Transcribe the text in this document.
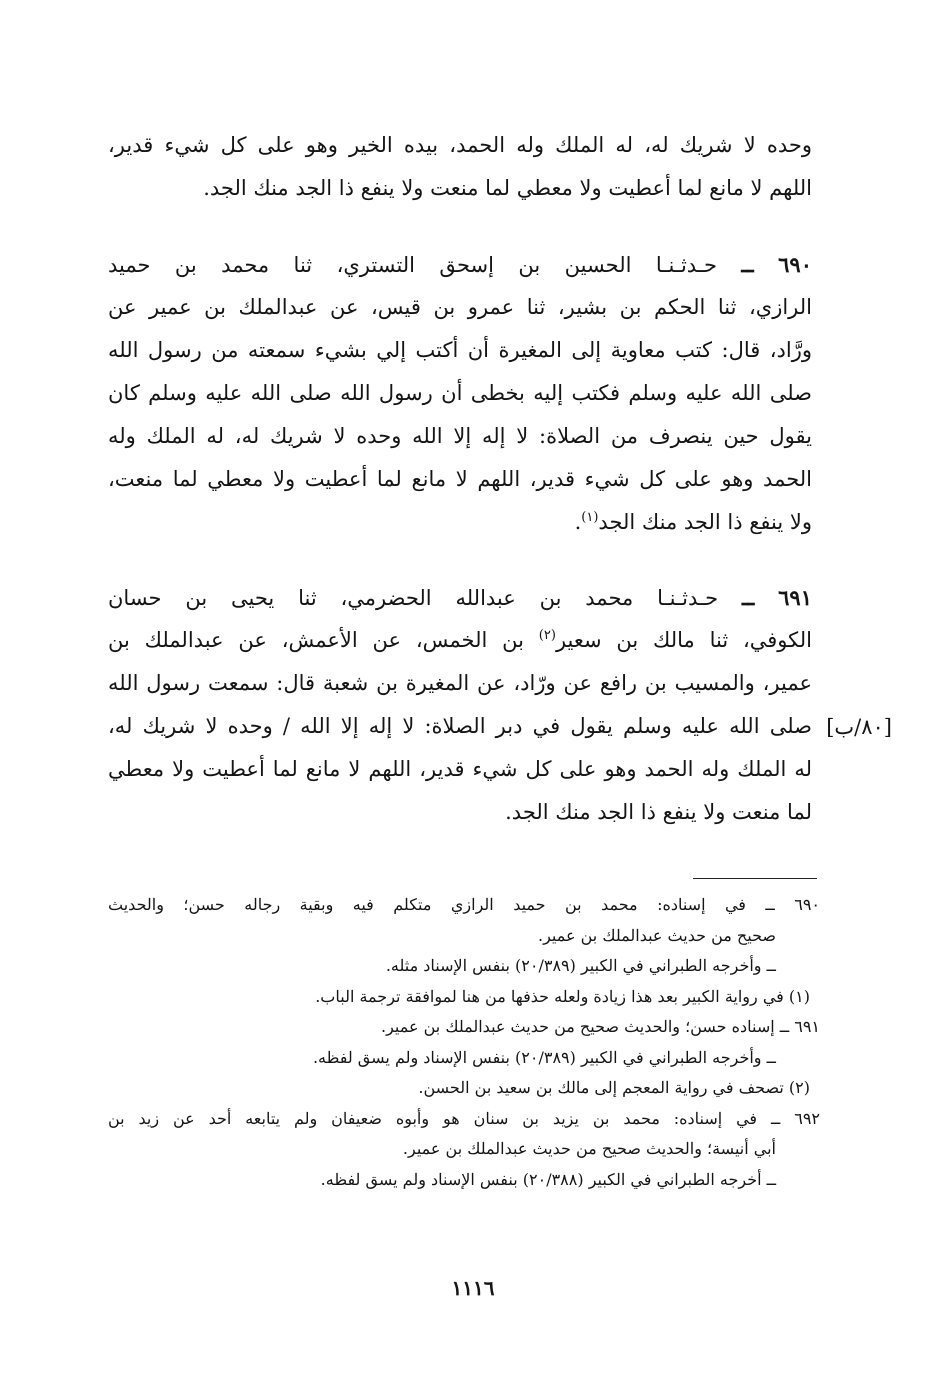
وحده لا شريك له، له الملك وله الحمد، بيده الخير وهو على كل شيء قدير،
اللهم لا مانع لما أعطيت ولا معطي لما منعت ولا ينفع ذا الجد منك الجد.
٦٩٠ ــ حـدثـنـا الحسين بن إسحق التستري، ثنا محمد بن حميد
الرازي، ثنا الحكم بن بشير، ثنا عمرو بن قيس، عن عبدالملك بن عمير عن
ورَّاد، قال: كتب معاوية إلى المغيرة أن أكتب إلي بشيء سمعته من رسول الله
صلى الله عليه وسلم فكتب إليه بخطى أن رسول الله صلى الله عليه وسلم كان
يقول حين ينصرف من الصلاة: لا إله إلا الله وحده لا شريك له، له الملك وله
الحمد وهو على كل شيء قدير، اللهم لا مانع لما أعطيت ولا معطي لما منعت،
ولا ينفع ذا الجد منك الجد$^{(١)}$.
٦٩١ ــ حـدثـنـا محمد بن عبدالله الحضرمي، ثنا يحيى بن حسان
الكوفي، ثنا مالك بن سعير$^{(٢)}$ بن الخمس، عن الأعمش، عن عبدالملك بن
عمير، والمسيب بن رافع عن ورّاد، عن المغيرة بن شعبة قال: سمعت رسول الله
صلى الله عليه وسلم يقول في دبر الصلاة: لا إله إلا الله / وحده لا شريك له،
له الملك وله الحمد وهو على كل شيء قدير، اللهم لا مانع لما أعطيت ولا معطي
لما منعت ولا ينفع ذا الجد منك الجد.
[٨٠/ب]
٦٩٠ ــ في إسناده: محمد بن حميد الرازي متكلم فيه وبقية رجاله حسن؛ والحديث
صحيح من حديث عبدالملك بن عمير.
ــ وأخرجه الطبراني في الكبير (٢٠/٣٨٩) بنفس الإسناد مثله.
(١) في رواية الكبير بعد هذا زيادة ولعله حذفها من هنا لموافقة ترجمة الباب.
٦٩١ ــ إسناده حسن؛ والحديث صحيح من حديث عبدالملك بن عمير.
ــ وأخرجه الطبراني في الكبير (٢٠/٣٨٩) بنفس الإسناد ولم يسق لفظه.
(٢) تصحف في رواية المعجم إلى مالك بن سعيد بن الحسن.
٦٩٢ ــ في إسناده: محمد بن يزيد بن سنان هو وأبوه ضعيفان ولم يتابعه أحد عن زيد بن
أبي أنيسة؛ والحديث صحيح من حديث عبدالملك بن عمير.
ــ أخرجه الطبراني في الكبير (٢٠/٣٨٨) بنفس الإسناد ولم يسق لفظه.
١١١٦
